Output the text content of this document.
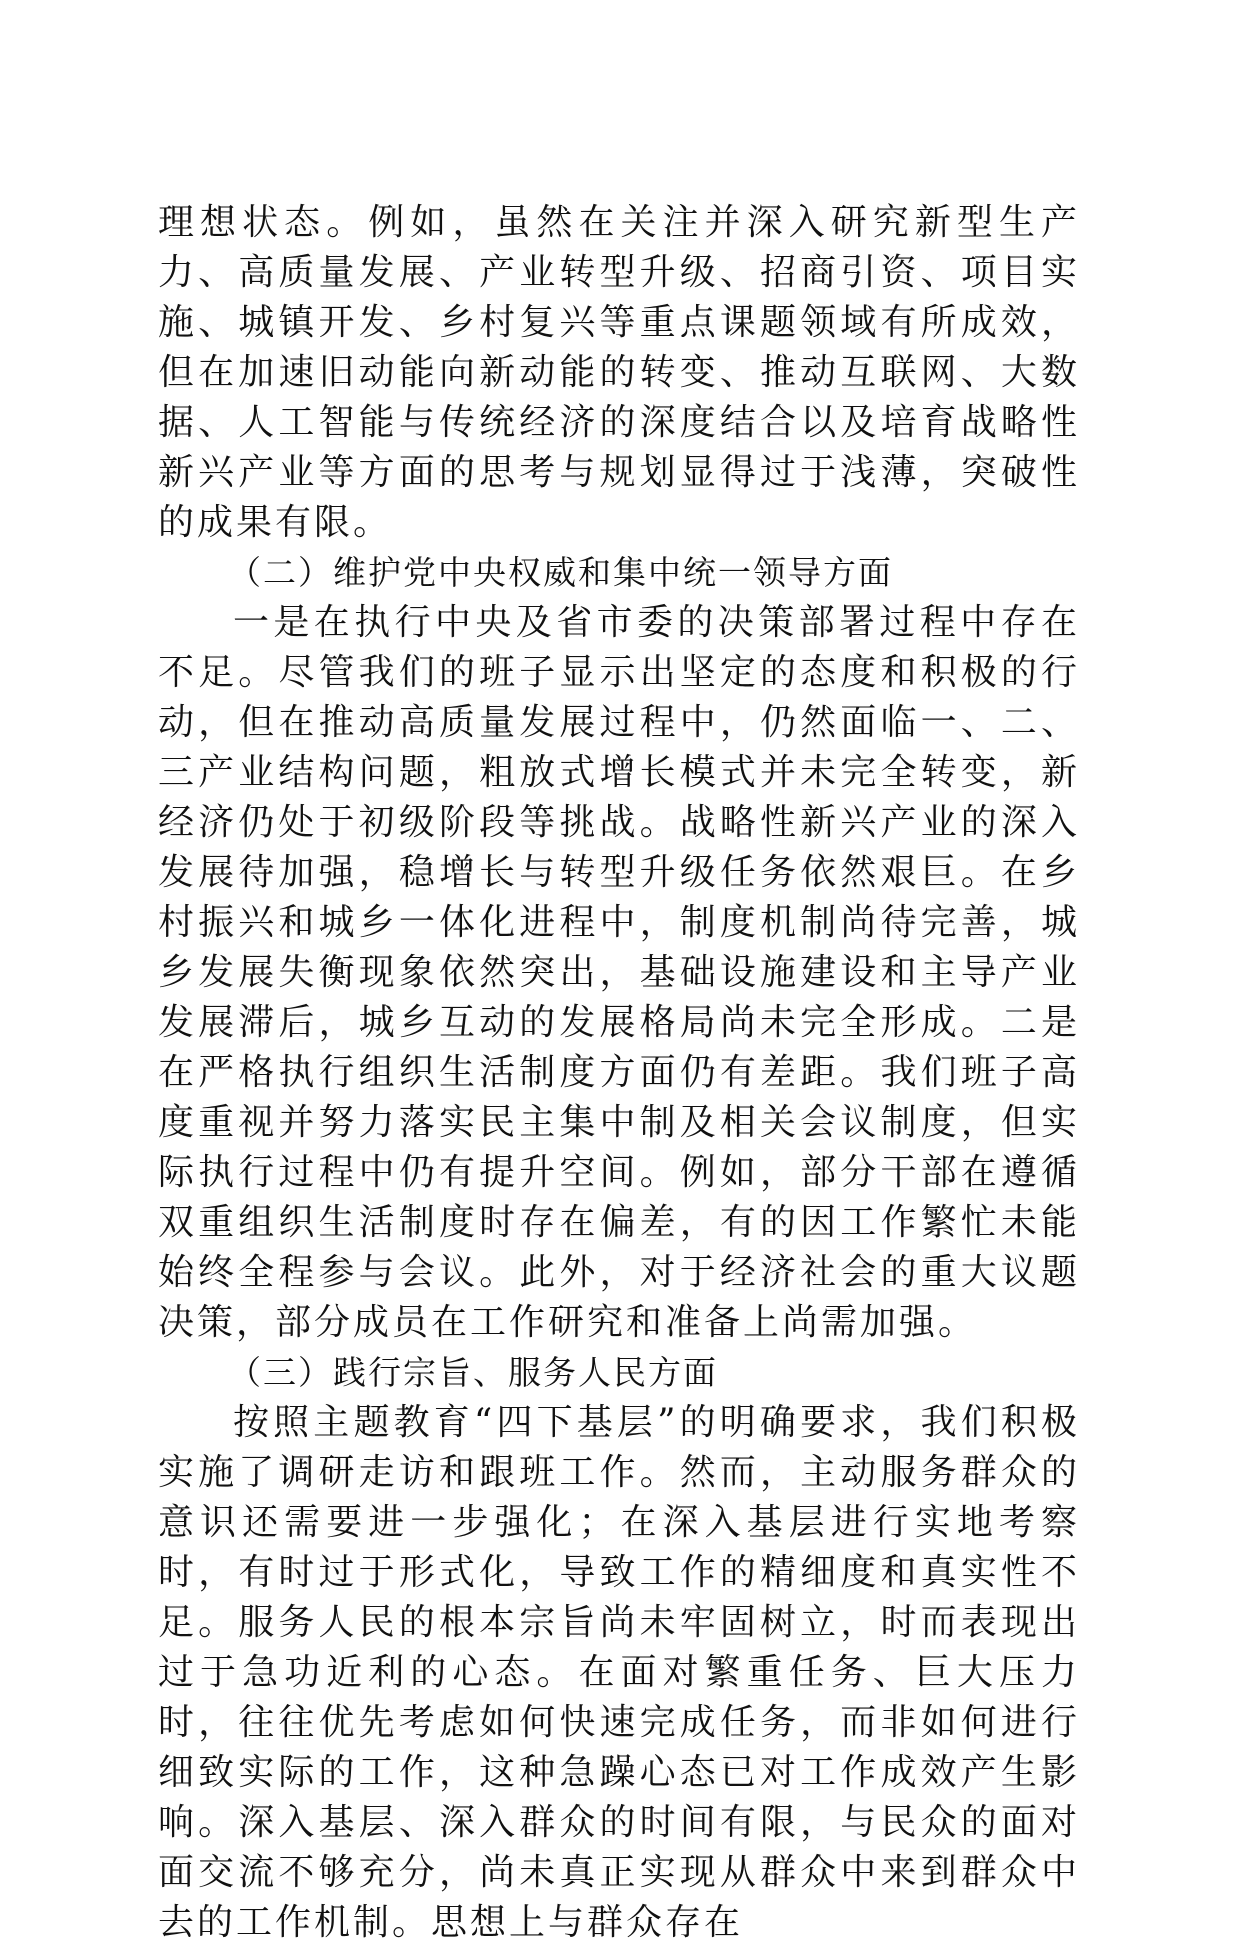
理想状态。例如，虽然在关注并深入研究新型生产力、高质量发展、产业转型升级、招商引资、项目实施、城镇开发、乡村复兴等重点课题领域有所成效，但在加速旧动能向新动能的转变、推动互联网、大数据、人工智能与传统经济的深度结合以及培育战略性新兴产业等方面的思考与规划显得过于浅薄，突破性的成果有限。

（二）维护党中央权威和集中统一领导方面

一是在执行中央及省市委的决策部署过程中存在不足。尽管我们的班子显示出坚定的态度和积极的行动，但在推动高质量发展过程中，仍然面临一、二、三产业结构问题，粗放式增长模式并未完全转变，新经济仍处于初级阶段等挑战。战略性新兴产业的深入发展待加强，稳增长与转型升级任务依然艰巨。在乡村振兴和城乡一体化进程中，制度机制尚待完善，城乡发展失衡现象依然突出，基础设施建设和主导产业发展滞后，城乡互动的发展格局尚未完全形成。二是在严格执行组织生活制度方面仍有差距。我们班子高度重视并努力落实民主集中制及相关会议制度，但实际执行过程中仍有提升空间。例如，部分干部在遵循双重组织生活制度时存在偏差，有的因工作繁忙未能始终全程参与会议。此外，对于经济社会的重大议题决策，部分成员在工作研究和准备上尚需加强。

（三）践行宗旨、服务人民方面

按照主题教育“四下基层”的明确要求，我们积极实施了调研走访和跟班工作。然而，主动服务群众的意识还需要进一步强化；在深入基层进行实地考察时，有时过于形式化，导致工作的精细度和真实性不足。服务人民的根本宗旨尚未牢固树立，时而表现出过于急功近利的心态。在面对繁重任务、巨大压力时，往往优先考虑如何快速完成任务，而非如何进行细致实际的工作，这种急躁心态已对工作成效产生影响。深入基层、深入群众的时间有限，与民众的面对面交流不够充分，尚未真正实现从群众中来到群众中去的工作机制。思想上与群众存在
